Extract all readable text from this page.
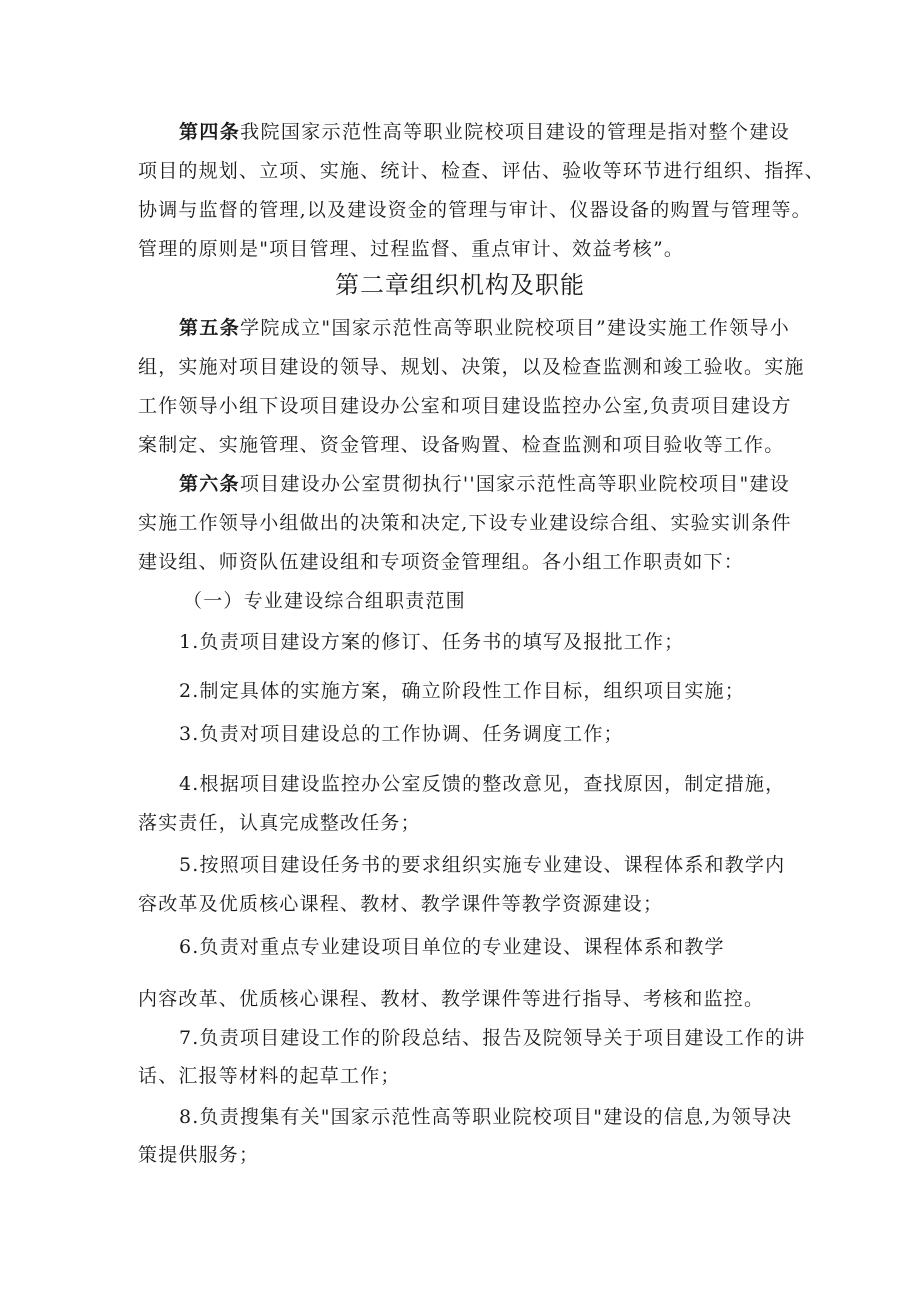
第四条我院国家示范性高等职业院校项目建设的管理是指对整个建设
项目的规划、立项、实施、统计、检查、评估、验收等环节进行组织、指挥、
协调与监督的管理,以及建设资金的管理与审计、仪器设备的购置与管理等。
管理的原则是"项目管理、过程监督、重点审计、效益考核”。
第二章组织机构及职能
第五条学院成立"国家示范性高等职业院校项目”建设实施工作领导小
组，实施对项目建设的领导、规划、决策，以及检查监测和竣工验收。实施
工作领导小组下设项目建设办公室和项目建设监控办公室,负责项目建设方
案制定、实施管理、资金管理、设备购置、检查监测和项目验收等工作。
第六条项目建设办公室贯彻执行''国家示范性高等职业院校项目"建设
实施工作领导小组做出的决策和决定,下设专业建设综合组、实验实训条件
建设组、师资队伍建设组和专项资金管理组。各小组工作职责如下：
（一）专业建设综合组职责范围
1.负责项目建设方案的修订、任务书的填写及报批工作；
2.制定具体的实施方案，确立阶段性工作目标，组织项目实施；
3.负责对项目建设总的工作协调、任务调度工作；
4.根据项目建设监控办公室反馈的整改意见，查找原因，制定措施，
落实责任，认真完成整改任务；
5.按照项目建设任务书的要求组织实施专业建设、课程体系和教学内
容改革及优质核心课程、教材、教学课件等教学资源建设；
6.负责对重点专业建设项目单位的专业建设、课程体系和教学
内容改革、优质核心课程、教材、教学课件等进行指导、考核和监控。
7.负责项目建设工作的阶段总结、报告及院领导关于项目建设工作的讲
话、汇报等材料的起草工作；
8.负责搜集有关"国家示范性高等职业院校项目"建设的信息,为领导决
策提供服务；
